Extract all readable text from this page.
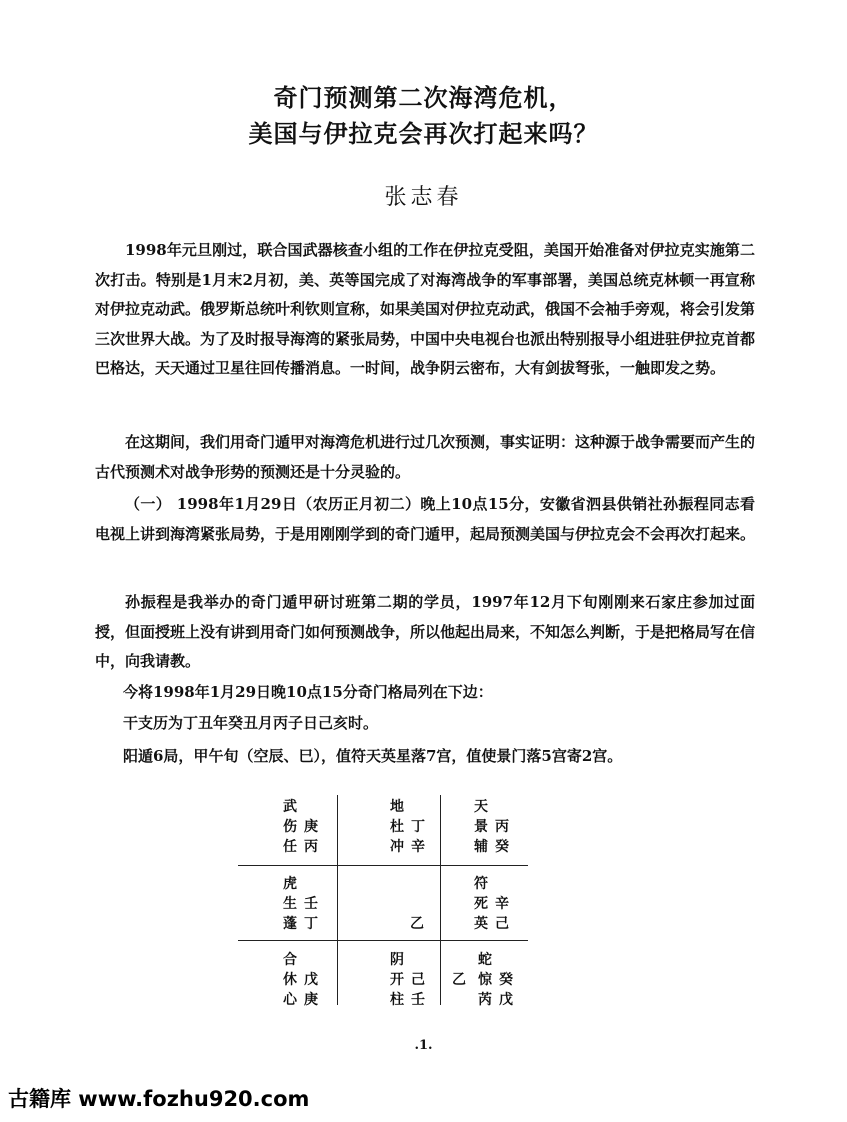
奇门预测第二次海湾危机，
美国与伊拉克会再次打起来吗？
张志春

1998年元旦刚过，联合国武器核查小组的工作在伊拉克受阻，美国开始准备对伊拉克实施第二次打击。特别是1月末2月初，美、英等国完成了对海湾战争的军事部署，美国总统克林顿一再宣称对伊拉克动武。俄罗斯总统叶利钦则宣称，如果美国对伊拉克动武，俄国不会袖手旁观，将会引发第三次世界大战。为了及时报导海湾的紧张局势，中国中央电视台也派出特别报导小组进驻伊拉克首都巴格达，天天通过卫星往回传播消息。一时间，战争阴云密布，大有剑拔弩张，一触即发之势。

在这期间，我们用奇门遁甲对海湾危机进行过几次预测，事实证明：这种源于战争需要而产生的古代预测术对战争形势的预测还是十分灵验的。

（一） 1998年1月29日（农历正月初二）晚上10点15分，安徽省泗县供销社孙振程同志看电视上讲到海湾紧张局势，于是用刚刚学到的奇门遁甲，起局预测美国与伊拉克会不会再次打起来。

孙振程是我举办的奇门遁甲研讨班第二期的学员，1997年12月下旬刚刚来石家庄参加过面授，但面授班上没有讲到用奇门如何预测战争，所以他起出局来，不知怎么判断，于是把格局写在信中，向我请教。

今将1998年1月29日晚10点15分奇门格局列在下边：
干支历为丁丑年癸丑月丙子日己亥时。
阳遁6局，甲午旬（空辰、巳），值符天英星落7宫，值使景门落5宫寄2宫。
武
伤  庚
任  丙
地
杜  丁
冲  辛
天
景  丙
辅  癸
虎
生  壬
蓬  丁	乙
符
死  辛
英  己
合
休  戊
心  庚
阴
开  己
柱  壬
乙
蛇
惊  癸
芮  戊
.1.
古籍库 www.fozhu920.com
